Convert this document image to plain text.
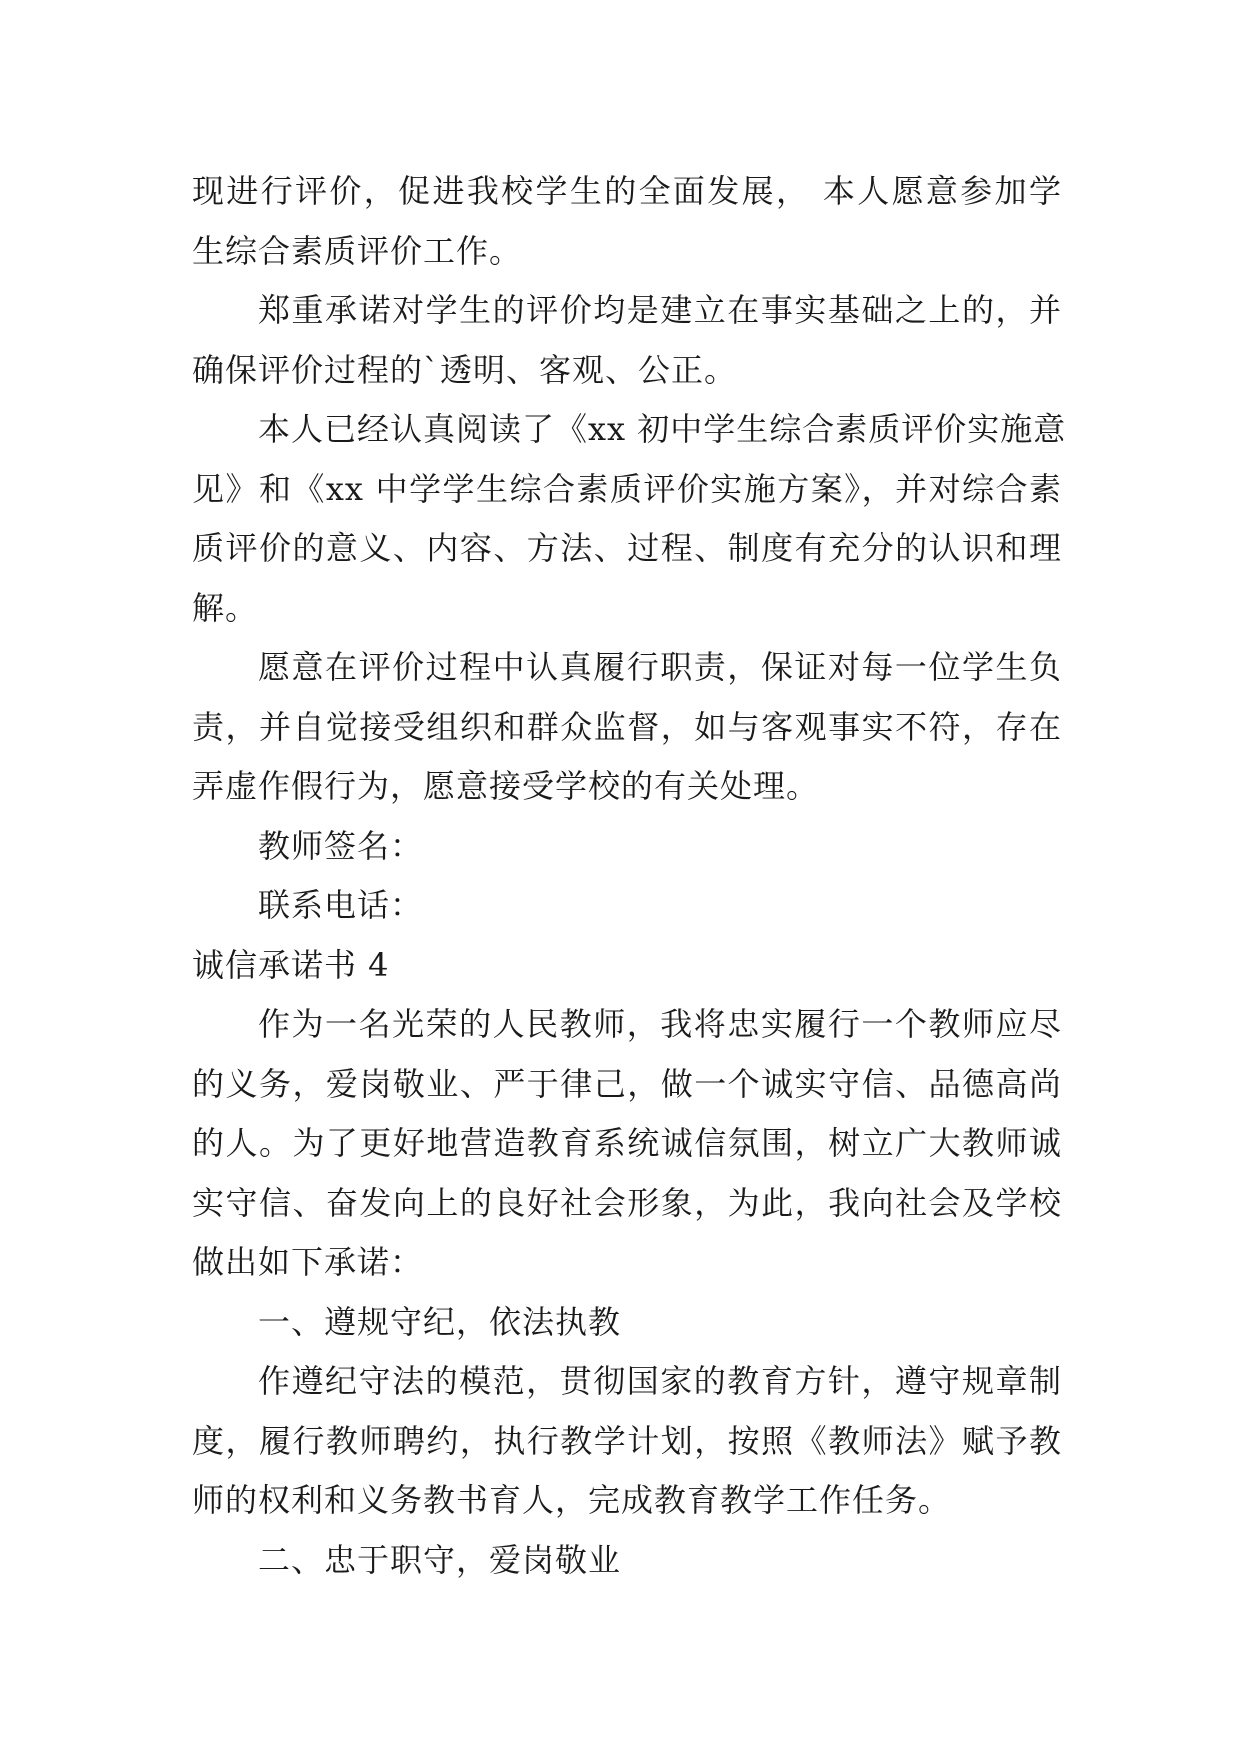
现进行评价，促进我校学生的全面发展， 本人愿意参加学
生综合素质评价工作。
郑重承诺对学生的评价均是建立在事实基础之上的，并
确保评价过程的`透明、客观、公正。
本人已经认真阅读了《xx 初中学生综合素质评价实施意
见》和《xx 中学学生综合素质评价实施方案》，并对综合素
质评价的意义、内容、方法、过程、制度有充分的认识和理
解。
愿意在评价过程中认真履行职责，保证对每一位学生负
责，并自觉接受组织和群众监督，如与客观事实不符，存在
弄虚作假行为，愿意接受学校的有关处理。
教师签名：
联系电话：
诚信承诺书 4
作为一名光荣的人民教师，我将忠实履行一个教师应尽
的义务，爱岗敬业、严于律己，做一个诚实守信、品德高尚
的人。为了更好地营造教育系统诚信氛围，树立广大教师诚
实守信、奋发向上的良好社会形象，为此，我向社会及学校
做出如下承诺：
一、遵规守纪，依法执教
作遵纪守法的模范，贯彻国家的教育方针，遵守规章制
度，履行教师聘约，执行教学计划，按照《教师法》赋予教
师的权利和义务教书育人，完成教育教学工作任务。
二、忠于职守，爱岗敬业
